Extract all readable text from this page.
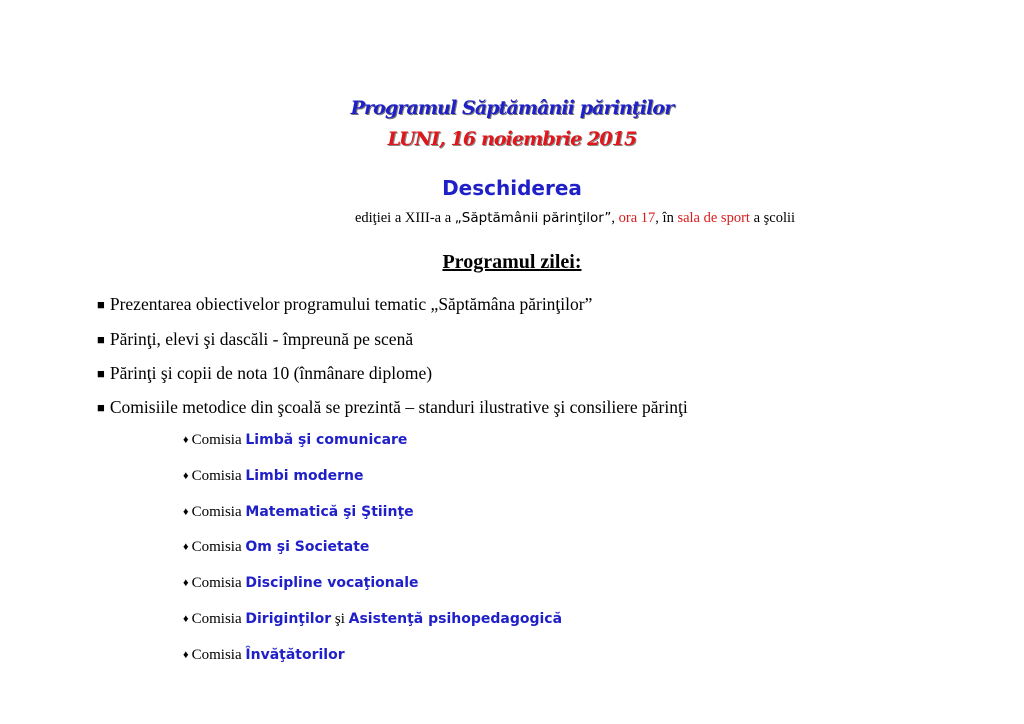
Programul Săptămânii părinţilor
LUNI, 16 noiembrie 2015
Deschiderea
ediţiei a XIII-a a „Săptămânii părinţilor”, ora 17, în sala de sport a şcolii
Programul zilei:
■ Prezentarea obiectivelor programului tematic „Săptămâna părinţilor”
■ Părinţi, elevi şi dascăli - împreună pe scenă
■ Părinţi şi copii de nota 10 (înmânare diplome)
■ Comisiile metodice din şcoală se prezintă – standuri ilustrative şi consiliere părinţi
♦ Comisia Limbă şi comunicare
♦ Comisia Limbi moderne
♦ Comisia Matematică şi Ştiinţe
♦ Comisia Om şi Societate
♦ Comisia Discipline vocaţionale
♦ Comisia Diriginţilor şi Asistenţă psihopedagogică
♦ Comisia Învăţătorilor
